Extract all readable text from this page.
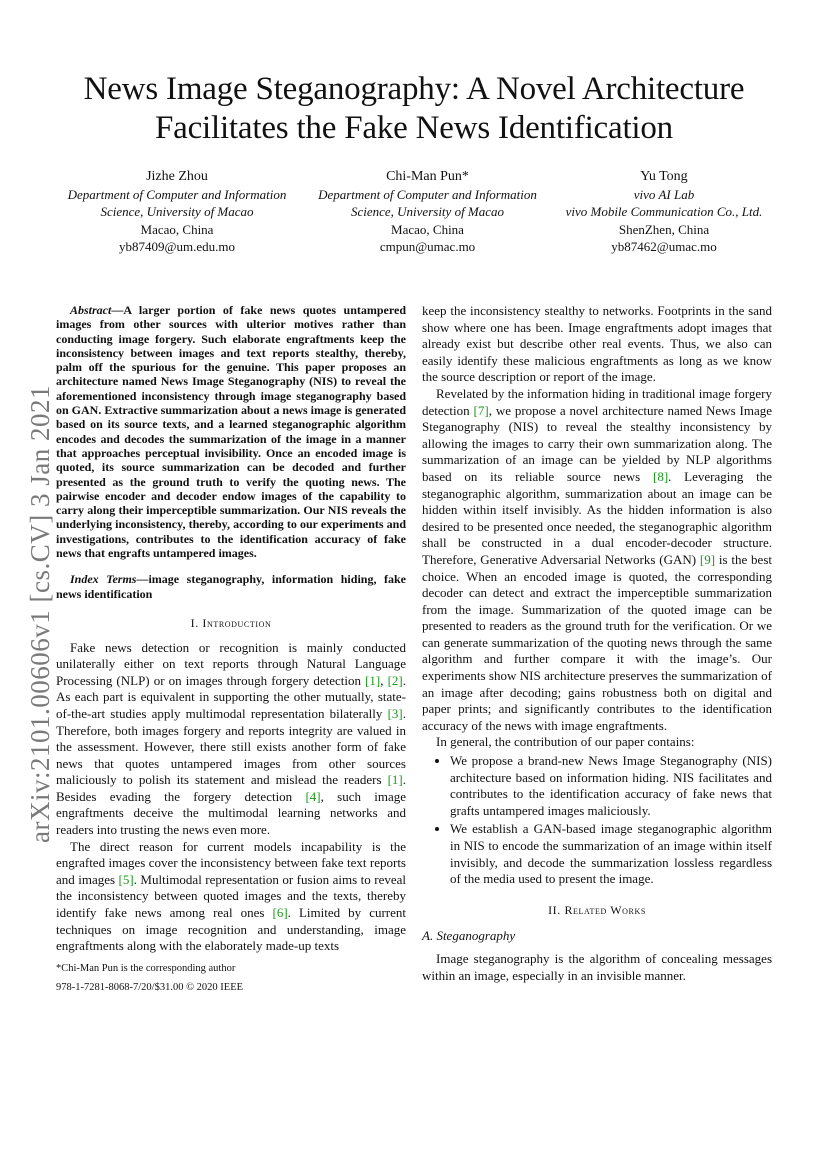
News Image Steganography: A Novel Architecture
Facilitates the Fake News Identification
Jizhe Zhou
Department of Computer and Information
Science, University of Macao
Macao, China
yb87409@um.edu.mo
Chi-Man Pun*
Department of Computer and Information
Science, University of Macao
Macao, China
cmpun@umac.mo
Yu Tong
vivo AI Lab
vivo Mobile Communication Co., Ltd.
ShenZhen, China
yb87462@umac.mo
arXiv:2101.00606v1 [cs.CV] 3 Jan 2021

Abstract—A larger portion of fake news quotes untampered images from other sources with ulterior motives rather than conducting image forgery. Such elaborate engraftments keep the inconsistency between images and text reports stealthy, thereby, palm off the spurious for the genuine. This paper proposes an architecture named News Image Steganography (NIS) to reveal the aforementioned inconsistency through image steganography based on GAN. Extractive summarization about a news image is generated based on its source texts, and a learned steganographic algorithm encodes and decodes the summarization of the image in a manner that approaches perceptual invisibility. Once an encoded image is quoted, its source summarization can be decoded and further presented as the ground truth to verify the quoting news. The pairwise encoder and decoder endow images of the capability to carry along their imperceptible summarization. Our NIS reveals the underlying inconsistency, thereby, according to our experiments and investigations, contributes to the identification accuracy of fake news that engrafts untampered images.

Index Terms—image steganography, information hiding, fake news identification

I. Introduction

Fake news detection or recognition is mainly conducted unilaterally either on text reports through Natural Language Processing (NLP) or on images through forgery detection [1], [2]. As each part is equivalent in supporting the other mutually, state-of-the-art studies apply multimodal representation bilaterally [3]. Therefore, both images forgery and reports integrity are valued in the assessment. However, there still exists another form of fake news that quotes untampered images from other sources maliciously to polish its statement and mislead the readers [1]. Besides evading the forgery detection [4], such image engraftments deceive the multimodal learning networks and readers into trusting the news even more.

The direct reason for current models incapability is the engrafted images cover the inconsistency between fake text reports and images [5]. Multimodal representation or fusion aims to reveal the inconsistency between quoted images and the texts, thereby identify fake news among real ones [6]. Limited by current techniques on image recognition and understanding, image engraftments along with the elaborately made-up texts

*Chi-Man Pun is the corresponding author
978-1-7281-8068-7/20/$31.00 © 2020 IEEE

keep the inconsistency stealthy to networks. Footprints in the sand show where one has been. Image engraftments adopt images that already exist but describe other real events. Thus, we also can easily identify these malicious engraftments as long as we know the source description or report of the image.

Revelated by the information hiding in traditional image forgery detection [7], we propose a novel architecture named News Image Steganography (NIS) to reveal the stealthy inconsistency by allowing the images to carry their own summarization along. The summarization of an image can be yielded by NLP algorithms based on its reliable source news [8]. Leveraging the steganographic algorithm, summarization about an image can be hidden within itself invisibly. As the hidden information is also desired to be presented once needed, the steganographic algorithm shall be constructed in a dual encoder-decoder structure. Therefore, Generative Adversarial Networks (GAN) [9] is the best choice. When an encoded image is quoted, the corresponding decoder can detect and extract the imperceptible summarization from the image. Summarization of the quoted image can be presented to readers as the ground truth for the verification. Or we can generate summarization of the quoting news through the same algorithm and further compare it with the image’s. Our experiments show NIS architecture preserves the summarization of an image after decoding; gains robustness both on digital and paper prints; and significantly contributes to the identification accuracy of the news with image engraftments.

In general, the contribution of our paper contains:

• We propose a brand-new News Image Steganography (NIS) architecture based on information hiding. NIS facilitates and contributes to the identification accuracy of fake news that grafts untampered images maliciously.
• We establish a GAN-based image steganographic algorithm in NIS to encode the summarization of an image within itself invisibly, and decode the summarization lossless regardless of the media used to present the image.
II. Related Works
A. Steganography

Image steganography is the algorithm of concealing messages within an image, especially in an invisible manner.
